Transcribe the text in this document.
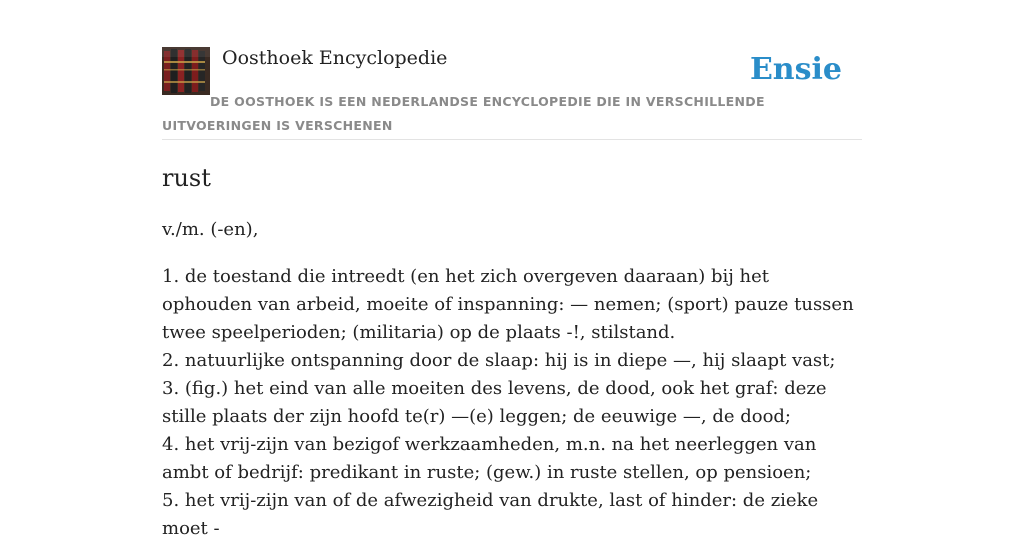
Oosthoek Encyclopedie	Ensie
DE OOSTHOEK IS EEN NEDERLANDSE ENCYCLOPEDIE DIE IN VERSCHILLENDE UITVOERINGEN IS VERSCHENEN
rust

v./m. (-en),

1. de toestand die intreedt (en het zich overgeven daaraan) bij het ophouden van arbeid, moeite of inspanning: — nemen; (sport) pauze tussen twee speelperioden; (militaria) op de plaats -!, stilstand.
2. natuurlijke ontspanning door de slaap: hij is in diepe —, hij slaapt vast;
3. (fig.) het eind van alle moeiten des levens, de dood, ook het graf: deze stille plaats der zijn hoofd te(r) —(e) leggen; de eeuwige —, de dood;
4. het vrij-zijn van bezigof werkzaamheden, m.n. na het neerleggen van ambt of bedrijf: predikant in ruste; (gew.) in ruste stellen, op pensioen;
5. het vrij-zijn van of de afwezigheid van drukte, last of hinder: de zieke moet -
